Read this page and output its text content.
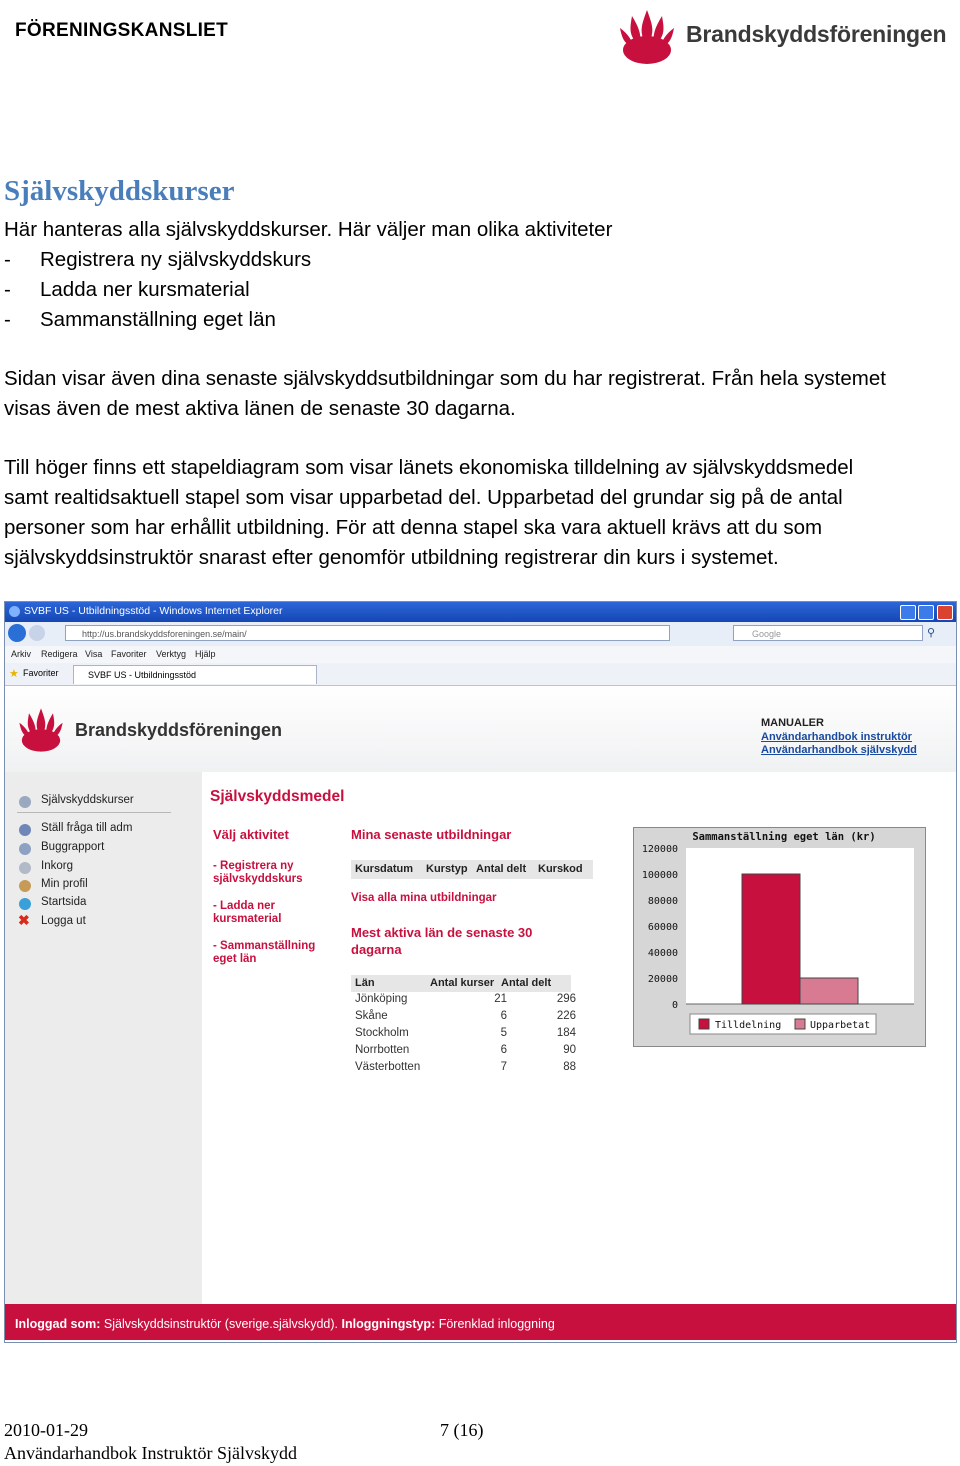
FÖRENINGSKANSLIET	Brandskyddsföreningen
Självskyddskurser
Här hanteras alla självskyddskurser. Här väljer man olika aktiviteter
-	Registrera ny självskyddskurs
-	Ladda ner kursmaterial
-	Sammanställning eget län
Sidan visar även dina senaste självskyddsutbildningar som du har registrerat. Från hela systemet
visas även de mest aktiva länen de senaste 30 dagarna.
Till höger finns ett stapeldiagram som visar länets ekonomiska tilldelning av självskyddsmedel
samt realtidsaktuell stapel som visar upparbetad del. Upparbetad del grundar sig på de antal
personer som har erhållit utbildning. För att denna stapel ska vara aktuell krävs att du som
självskyddsinstruktör snarast efter genomför utbildning registrerar din kurs i systemet.
SVBF US - Utbildningsstöd - Windows Internet Explorer
http://us.brandskyddsforeningen.se/main/	Google	⚲
Arkiv Redigera Visa Favoriter Verktyg Hjälp
★ Favoriter	SVBF US - Utbildningsstöd
Brandskyddsföreningen	MANUALER
Användarhandbok instruktör
Användarhandbok självskydd
Självskyddskurser
Ställ fråga till adm
Buggrapport
Inkorg
Min profil
Startsida
✖ Logga ut
Självskyddsmedel
Välj aktivitet
- Registrera ny
självskyddskurs
- Ladda ner
kursmaterial
- Sammanställning
eget län
Mina senaste utbildningar
Kursdatum Kurstyp Antal delt Kurskod
Visa alla mina utbildningar
Mest aktiva län de senaste 30
dagarna
Län	Antal kurser Antal delt
Sammanställning eget län (kr)
0
20000
40000
60000
80000
100000
120000
Tilldelning	Upparbetat
Inloggad som: Självskyddsinstruktör (sverige.självskydd). Inloggningstyp: Förenklad inloggning
Jönköping	21	296
Skåne	6	226
Stockholm	5	184
Norrbotten	6	90
Västerbotten	7	88
2010-01-29	7 (16)
Användarhandbok Instruktör Självskydd
